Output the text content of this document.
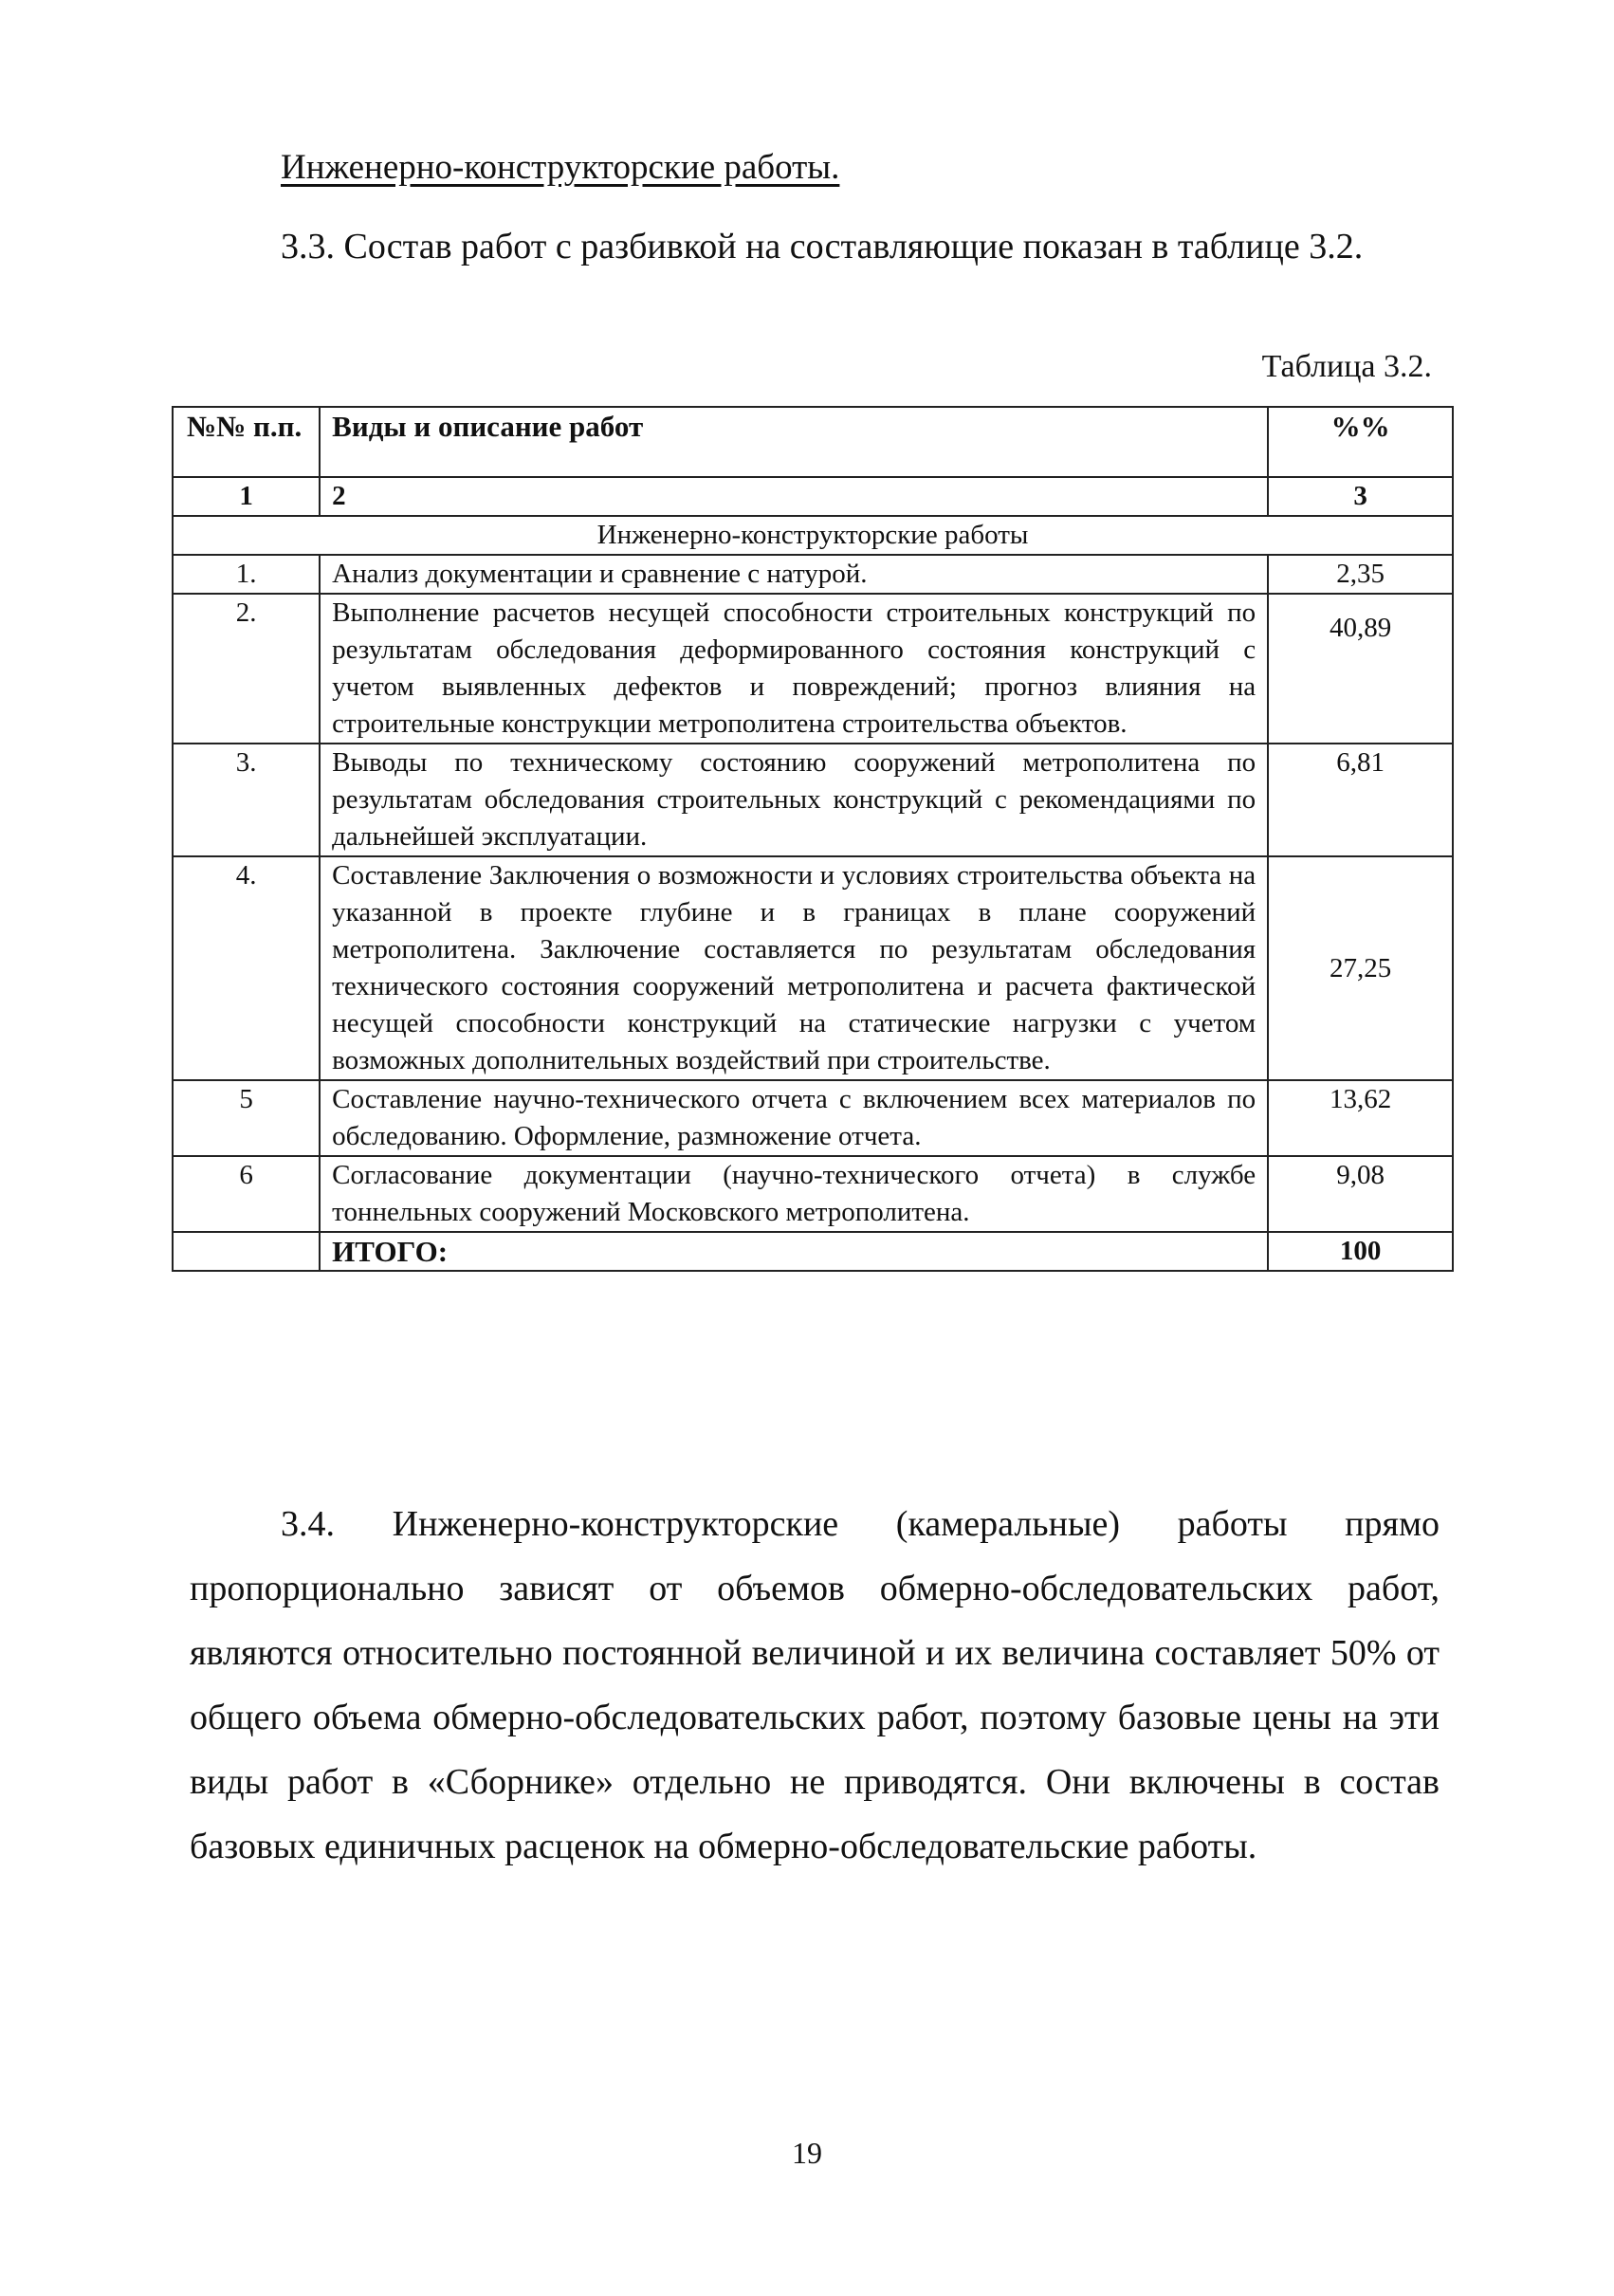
Инженерно-конструкторские работы.
3.3. Состав работ с разбивкой на составляющие показан в таблице 3.2.
Таблица 3.2.
№№ п.п.	Виды и описание работ	%%
1	2	3
Инженерно-конструкторские работы		
1.	Анализ документации и сравнение с натурой.	2,35
2.	Выполнение расчетов несущей способности строительных конструкций по результатам обследования деформированного состояния конструкций с учетом выявленных дефектов и повреждений; прогноз влияния на строительные конструкции метрополитена строительства объектов.	40,89
3.	Выводы по техническому состоянию сооружений метрополитена по результатам обследования строительных конструкций с рекомендациями по дальнейшей эксплуатации.	6,81
4.	Составление Заключения о возможности и условиях строительства объекта на указанной в проекте глубине и в границах в плане сооружений метрополитена. Заключение составляется по результатам обследования технического состояния сооружений метрополитена и расчета фактической несущей способности конструкций на статические нагрузки с учетом возможных дополнительных воздействий при строительстве.	27,25
5	Составление научно-технического отчета с включением всех материалов по обследованию. Оформление, размножение отчета.	13,62
6	Согласование документации (научно-технического отчета) в службе тоннельных сооружений Московского метрополитена.	9,08
	ИТОГО:	100
3.4. Инженерно-конструкторские (камеральные) работы прямо пропорционально зависят от объемов обмерно-обследовательских работ, являются относительно постоянной величиной и их величина составляет 50% от общего объема обмерно-обследовательских работ, поэтому базовые цены на эти виды работ в «Сборнике» отдельно не приводятся. Они включены в состав базовых единичных расценок на обмерно-обследовательские работы.
19
